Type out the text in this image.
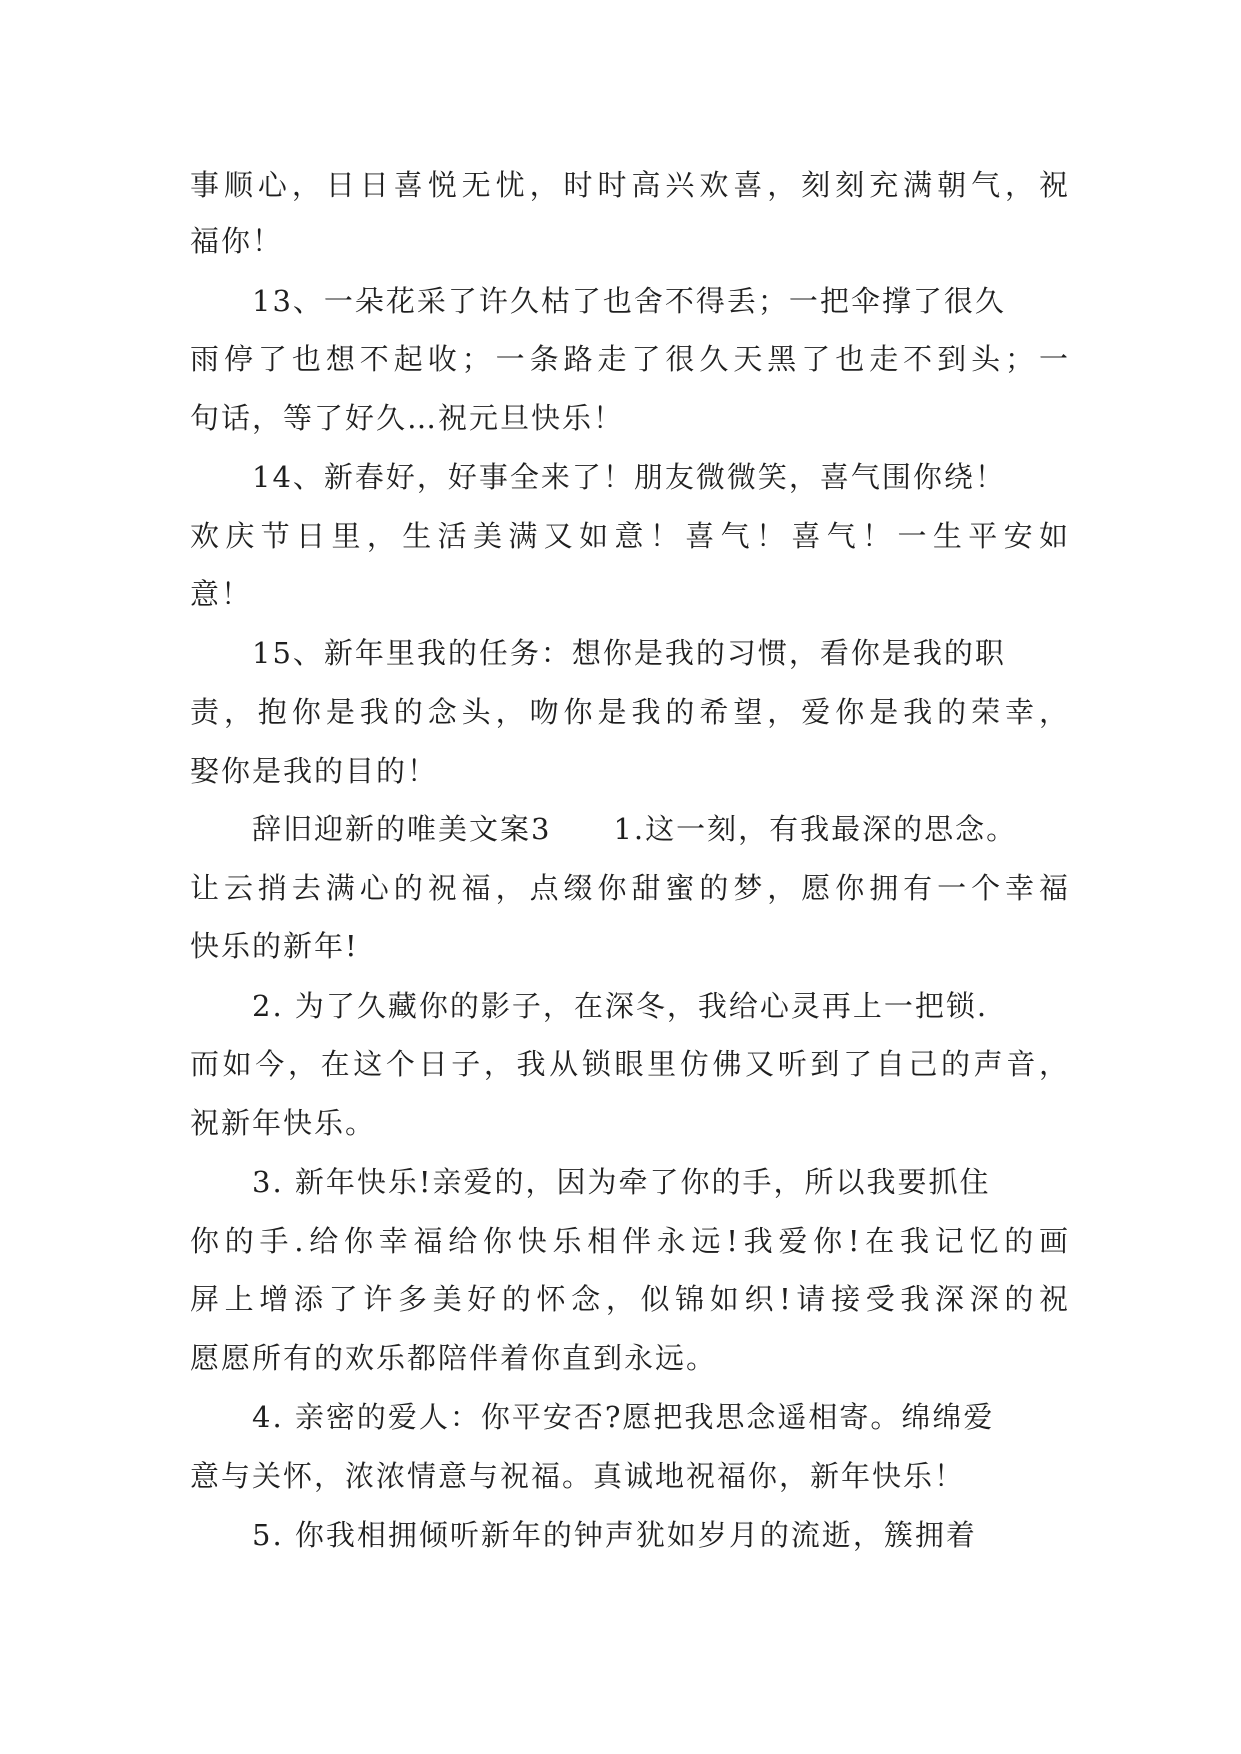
事顺心，日日喜悦无忧，时时高兴欢喜，刻刻充满朝气，祝
福你！
13、一朵花采了许久枯了也舍不得丢；一把伞撑了很久
雨停了也想不起收；一条路走了很久天黑了也走不到头；一
句话，等了好久…祝元旦快乐！
14、新春好，好事全来了！朋友微微笑，喜气围你绕！
欢庆节日里，生活美满又如意！喜气！喜气！一生平安如
意！
15、新年里我的任务：想你是我的习惯，看你是我的职
责，抱你是我的念头，吻你是我的希望，爱你是我的荣幸，
娶你是我的目的！
辞旧迎新的唯美文案3　　1.这一刻，有我最深的思念。
让云捎去满心的祝福，点缀你甜蜜的梦，愿你拥有一个幸福
快乐的新年!
2. 为了久藏你的影子，在深冬，我给心灵再上一把锁.
而如今，在这个日子，我从锁眼里仿佛又听到了自己的声音，
祝新年快乐。
3. 新年快乐!亲爱的，因为牵了你的手，所以我要抓住
你的手.给你幸福给你快乐相伴永远!我爱你!在我记忆的画
屏上增添了许多美好的怀念，似锦如织!请接受我深深的祝
愿愿所有的欢乐都陪伴着你直到永远。
4. 亲密的爱人：你平安否?愿把我思念遥相寄。绵绵爱
意与关怀，浓浓情意与祝福。真诚地祝福你，新年快乐！
5. 你我相拥倾听新年的钟声犹如岁月的流逝，簇拥着
